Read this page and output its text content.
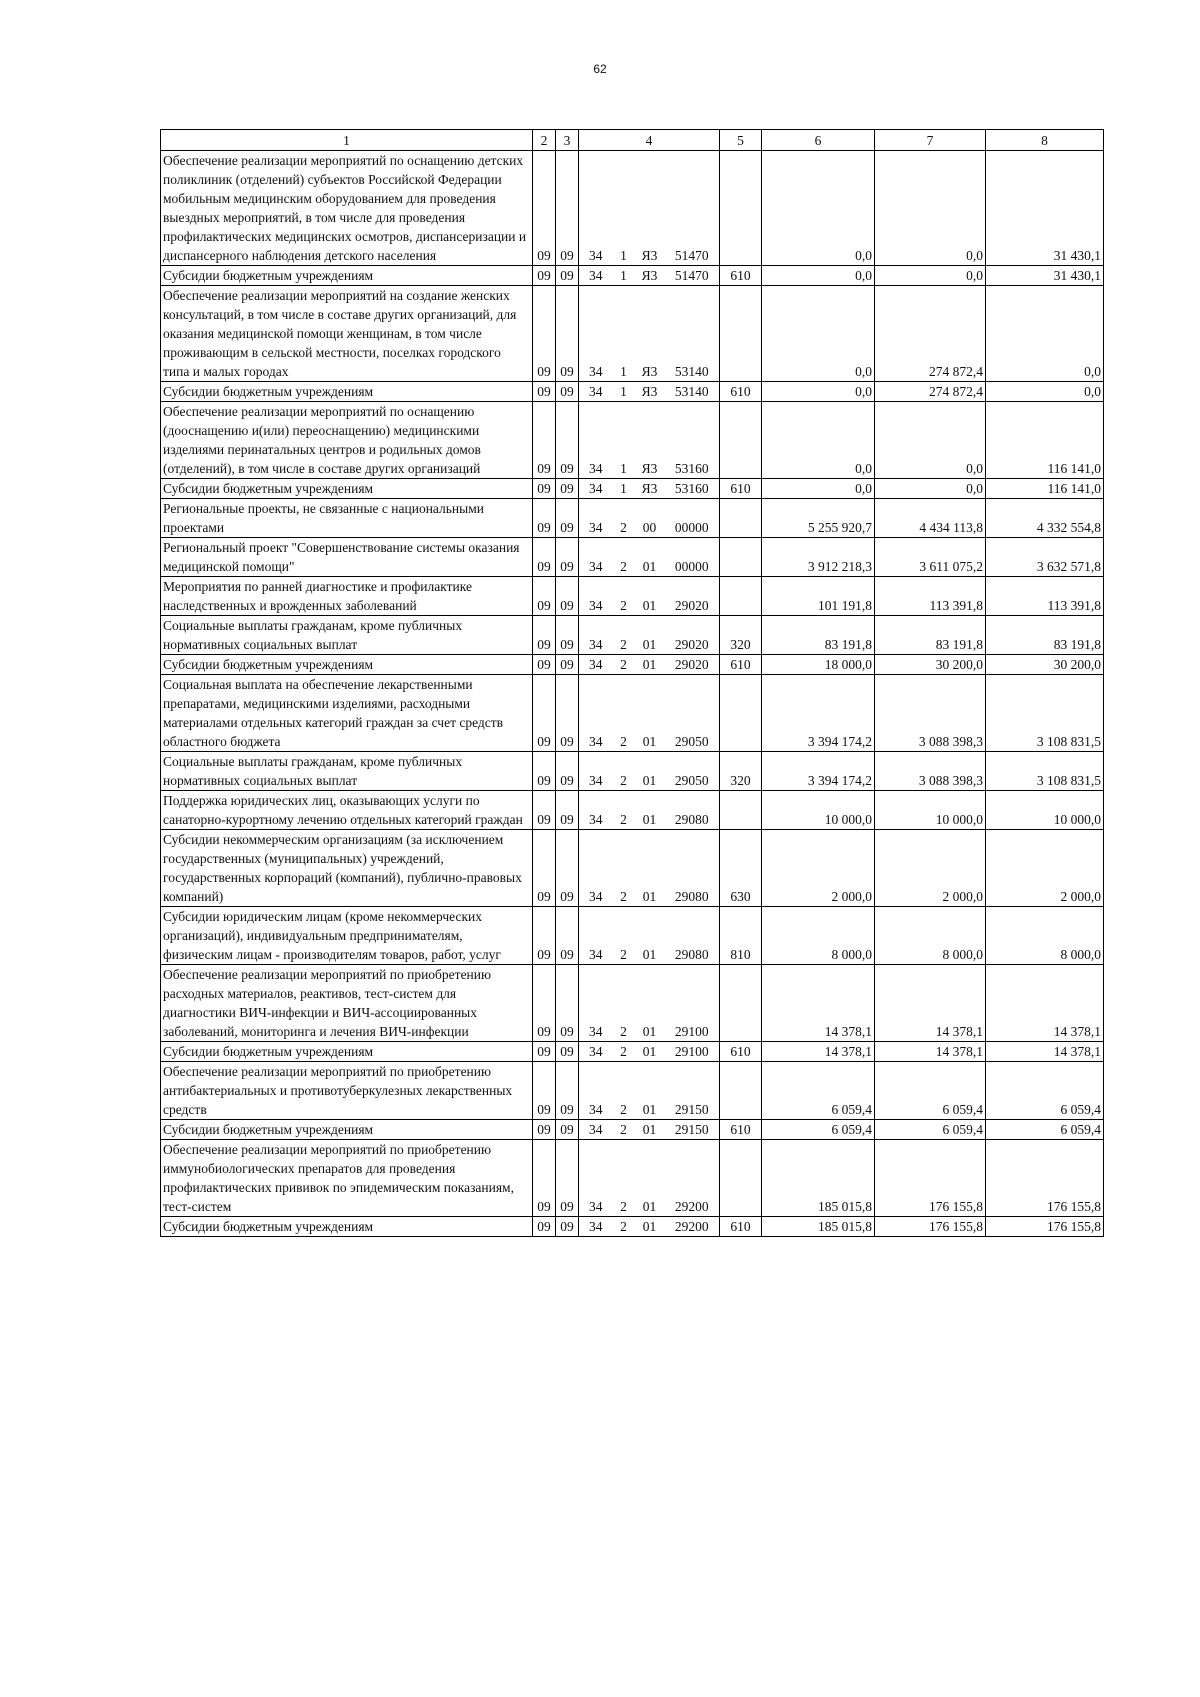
62
1	2	3	4				5	6	7	8
Обеспечение реализации мероприятий по оснащению детских поликлиник (отделений) субъектов Российской Федерации мобильным медицинским оборудованием для проведения выездных мероприятий, в том числе для проведения профилактических медицинских осмотров, диспансеризации и диспансерного наблюдения детского населения	09	09	34	1	Я3	51470		0,0	0,0	31 430,1
Субсидии бюджетным учреждениям	09	09	34	1	Я3	51470	610	0,0	0,0	31 430,1
Обеспечение реализации мероприятий на создание женских консультаций, в том числе в составе других организаций, для оказания медицинской помощи женщинам, в том числе проживающим в сельской местности, поселках городского типа и малых городах	09	09	34	1	Я3	53140		0,0	274 872,4	0,0
Субсидии бюджетным учреждениям	09	09	34	1	Я3	53140	610	0,0	274 872,4	0,0
Обеспечение реализации мероприятий по оснащению (дооснащению и(или) переоснащению) медицинскими изделиями перинатальных центров и родильных домов (отделений), в том числе в составе других организаций	09	09	34	1	Я3	53160		0,0	0,0	116 141,0
Субсидии бюджетным учреждениям	09	09	34	1	Я3	53160	610	0,0	0,0	116 141,0
Региональные проекты, не связанные с национальными проектами	09	09	34	2	00	00000		5 255 920,7	4 434 113,8	4 332 554,8
Региональный проект "Совершенствование системы оказания медицинской помощи"	09	09	34	2	01	00000		3 912 218,3	3 611 075,2	3 632 571,8
Мероприятия по ранней диагностике и профилактике наследственных и врожденных заболеваний	09	09	34	2	01	29020		101 191,8	113 391,8	113 391,8
Социальные выплаты гражданам, кроме публичных нормативных социальных выплат	09	09	34	2	01	29020	320	83 191,8	83 191,8	83 191,8
Субсидии бюджетным учреждениям	09	09	34	2	01	29020	610	18 000,0	30 200,0	30 200,0
Социальная выплата на обеспечение лекарственными препаратами, медицинскими изделиями, расходными материалами отдельных категорий граждан за счет средств областного бюджета	09	09	34	2	01	29050		3 394 174,2	3 088 398,3	3 108 831,5
Социальные выплаты гражданам, кроме публичных нормативных социальных выплат	09	09	34	2	01	29050	320	3 394 174,2	3 088 398,3	3 108 831,5
Поддержка юридических лиц, оказывающих услуги по санаторно-курортному лечению отдельных категорий граждан	09	09	34	2	01	29080		10 000,0	10 000,0	10 000,0
Субсидии некоммерческим организациям (за исключением государственных (муниципальных) учреждений, государственных корпораций (компаний), публично-правовых компаний)	09	09	34	2	01	29080	630	2 000,0	2 000,0	2 000,0
Субсидии юридическим лицам (кроме некоммерческих организаций), индивидуальным предпринимателям, физическим лицам - производителям товаров, работ, услуг	09	09	34	2	01	29080	810	8 000,0	8 000,0	8 000,0
Обеспечение реализации мероприятий по приобретению расходных материалов, реактивов, тест-систем для диагностики ВИЧ-инфекции и ВИЧ-ассоциированных заболеваний, мониторинга и лечения ВИЧ-инфекции	09	09	34	2	01	29100		14 378,1	14 378,1	14 378,1
Субсидии бюджетным учреждениям	09	09	34	2	01	29100	610	14 378,1	14 378,1	14 378,1
Обеспечение реализации мероприятий по приобретению антибактериальных и противотуберкулезных лекарственных средств	09	09	34	2	01	29150		6 059,4	6 059,4	6 059,4
Субсидии бюджетным учреждениям	09	09	34	2	01	29150	610	6 059,4	6 059,4	6 059,4
Обеспечение реализации мероприятий по приобретению иммунобиологических препаратов для проведения профилактических прививок по эпидемическим показаниям, тест-систем	09	09	34	2	01	29200		185 015,8	176 155,8	176 155,8
Субсидии бюджетным учреждениям	09	09	34	2	01	29200	610	185 015,8	176 155,8	176 155,8
